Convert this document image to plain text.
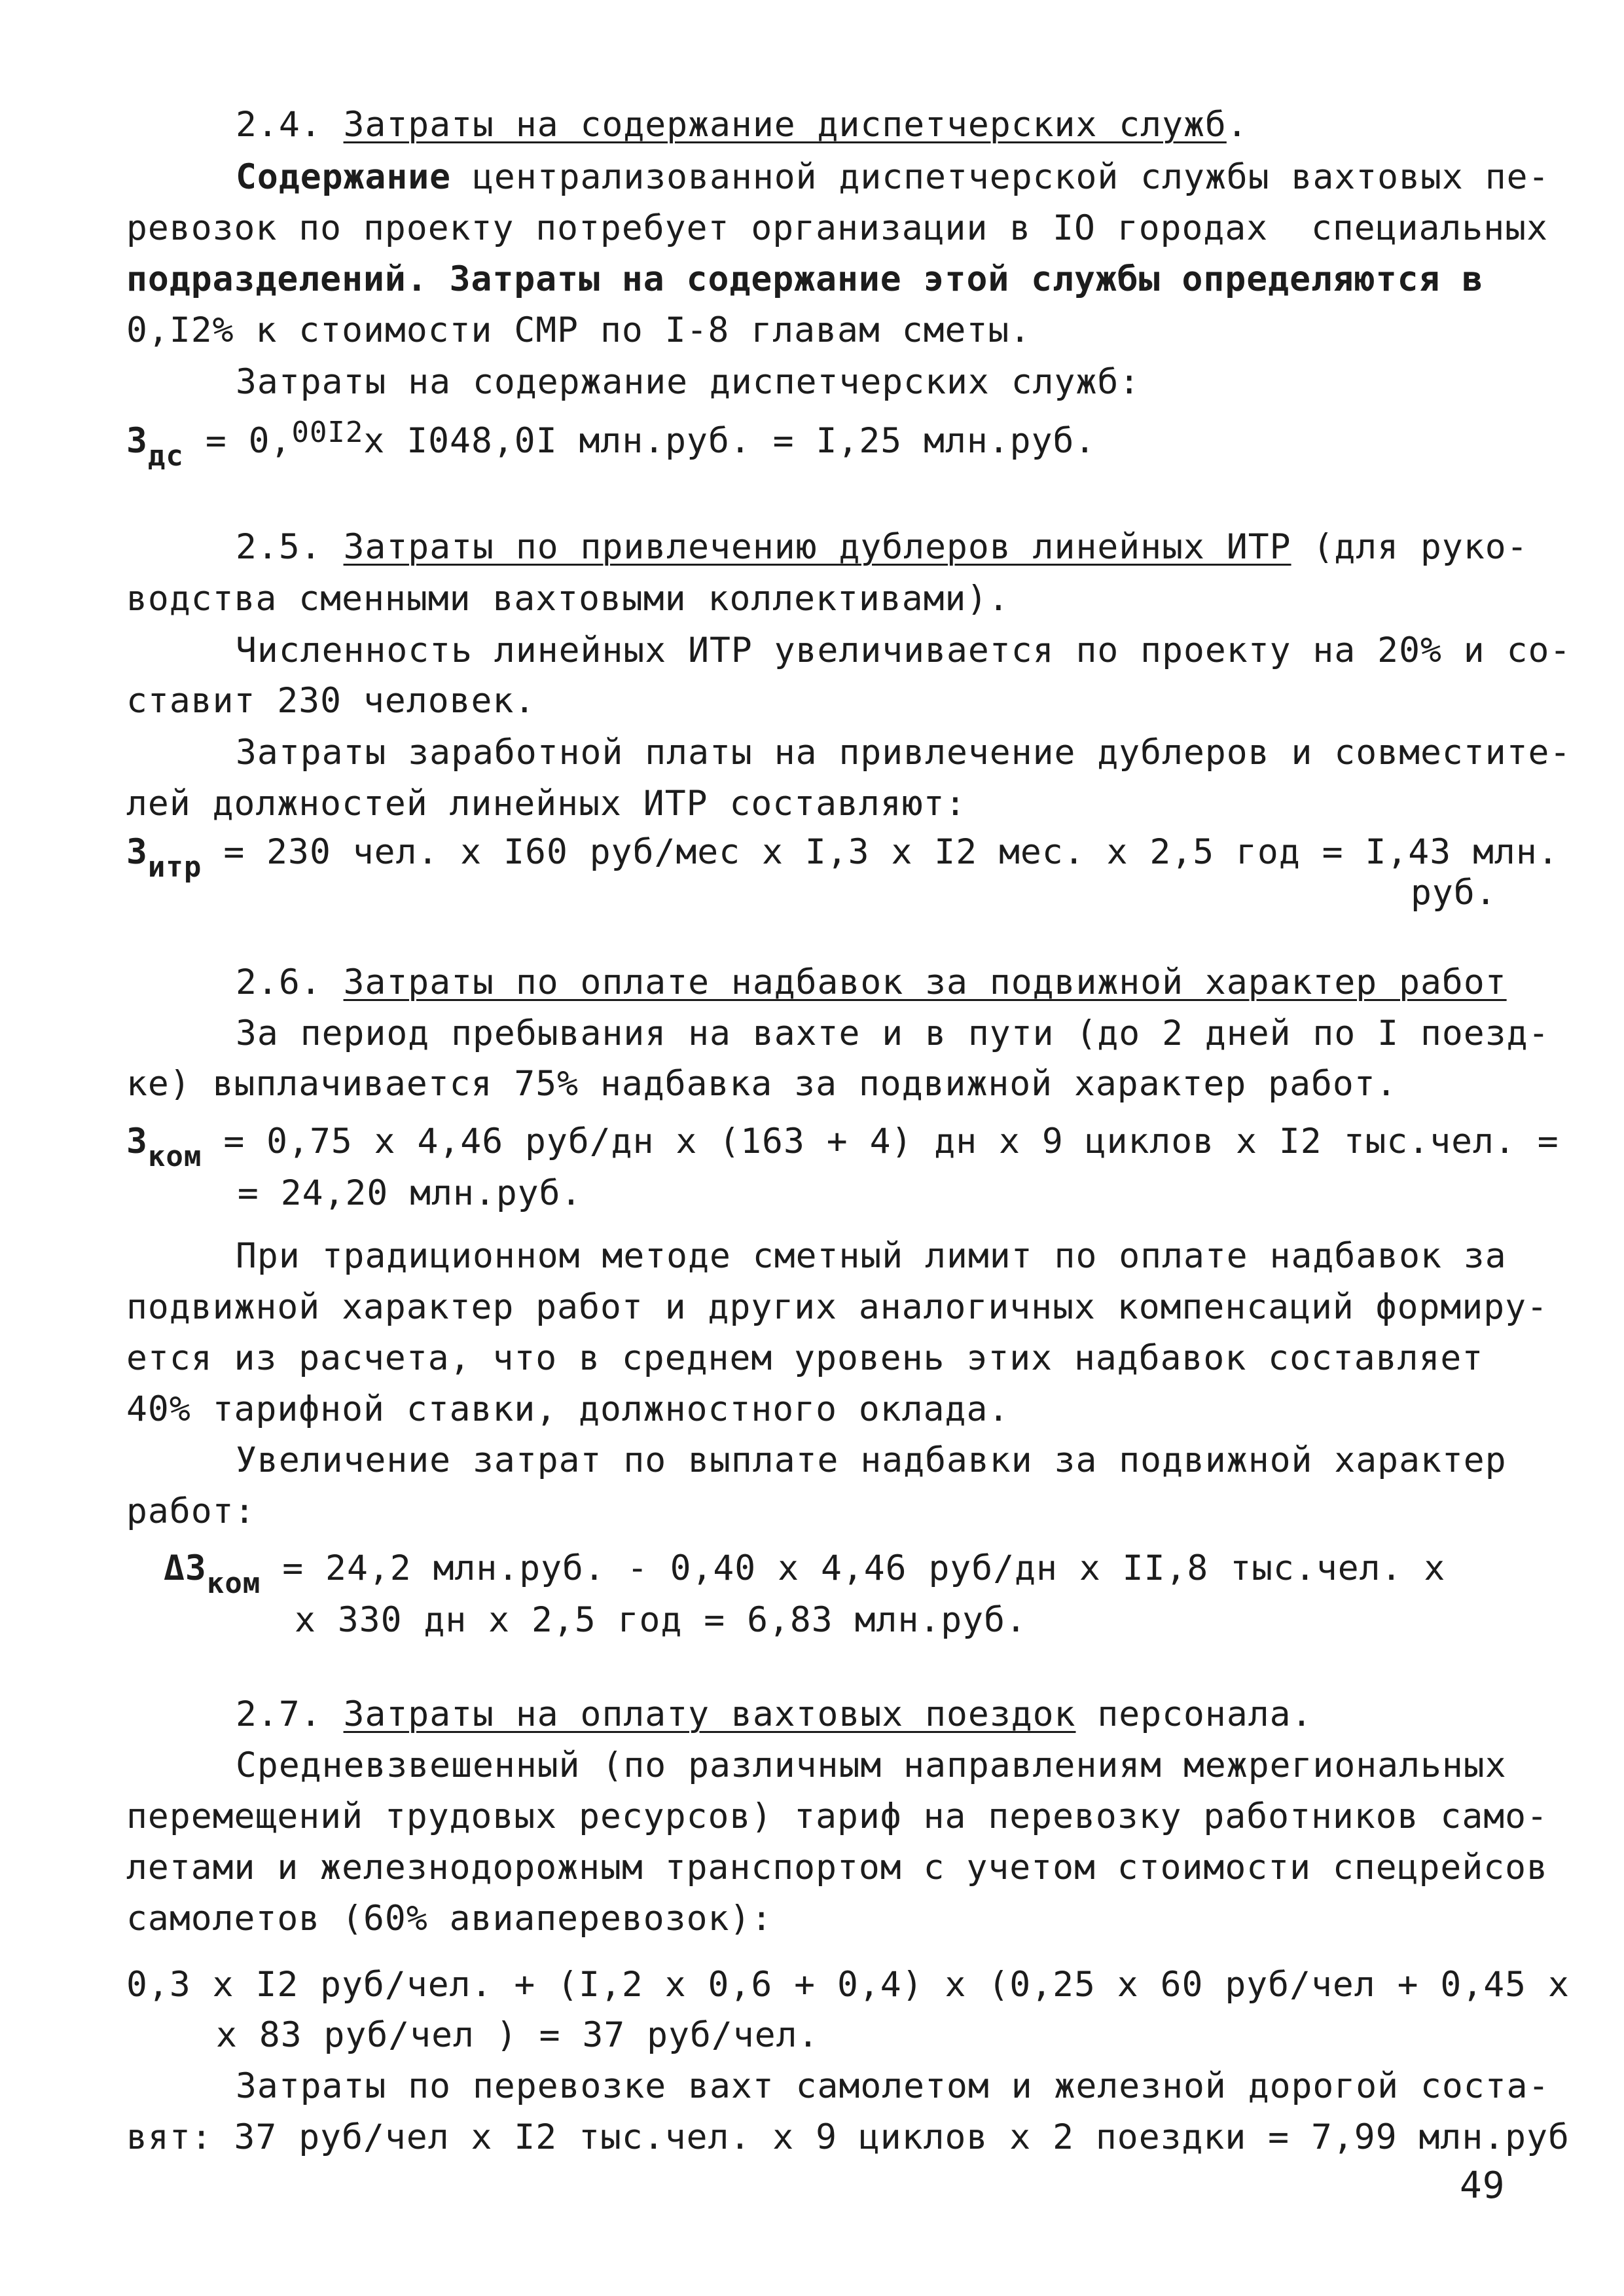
2.4. Затраты на содержание диспетчерских служб.
Содержание централизованной диспетчерской службы вахтовых пе-
ревозок по проекту потребует организации в IO городах  специальных
подразделений. Затраты на содержание этой службы определяются в
0,I2% к стоимости СМР по I-8 главам сметы.
Затраты на содержание диспетчерских служб:
$З_{дс} = 0,^{00I2}x$ I048,0I млн.руб. = I,25 млн.руб.
2.5. Затраты по привлечению дублеров линейных ИТР (для руко-
водства сменными вахтовыми коллективами).
Численность линейных ИТР увеличивается по проекту на 20% и со-
ставит 230 человек.
Затраты заработной платы на привлечение дублеров и совместите-
лей должностей линейных ИТР составляют:
$З_{итр} = 230$ чел. x I60 руб/мес x I,3 x I2 мес. x 2,5 год = I,43 млн.
руб.
2.6. Затраты по оплате надбавок за подвижной характер работ
За период пребывания на вахте и в пути (до 2 дней по I поезд-
ке) выплачивается 75% надбавка за подвижной характер работ.
$З_{ком} = 0,75$ x 4,46 руб/дн x (163 + 4) дн x 9 циклов x I2 тыс.чел. =
= 24,20 млн.руб.
При традиционном методе сметный лимит по оплате надбавок за
подвижной характер работ и других аналогичных компенсаций формиру-
ется из расчета, что в среднем уровень этих надбавок составляет
40% тарифной ставки, должностного оклада.
Увеличение затрат по выплате надбавки за подвижной характер
работ:
$\Delta З_{ком} = 24,2$ млн.руб. - 0,40 x 4,46 руб/дн x II,8 тыс.чел. x
x 330 дн x 2,5 год = 6,83 млн.руб.
2.7. Затраты на оплату вахтовых поездок персонала.
Средневзвешенный (по различным направлениям межрегиональных
перемещений трудовых ресурсов) тариф на перевозку работников само-
летами и железнодорожным транспортом с учетом стоимости спецрейсов
самолетов (60% авиаперевозок):
0,3 x I2 руб/чел. + (I,2 x 0,6 + 0,4) x (0,25 x 60 руб/чел + 0,45 x
x 83 руб/чел ) = 37 руб/чел.
Затраты по перевозке вахт самолетом и железной дорогой соста-
вят: 37 руб/чел x I2 тыс.чел. x 9 циклов x 2 поездки = 7,99 млн.руб
49
